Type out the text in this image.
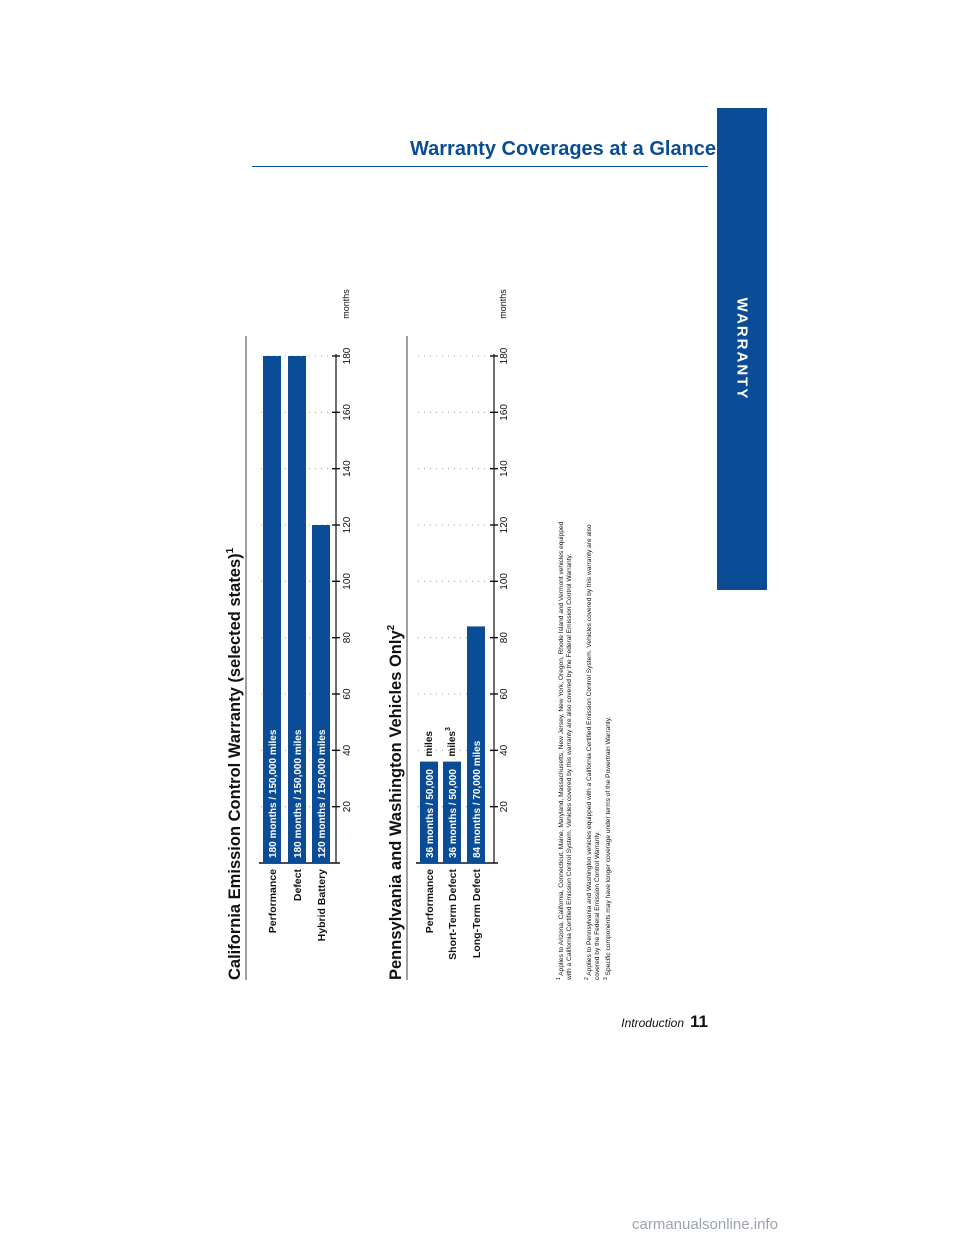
WARRANTY
Warranty Coverages at a Glance
California Emission Control Warranty (selected states)$^1$
20
40
60
80
100
120
140
160
180
months
Performance
180 months / 150,000 miles
Defect
180 months / 150,000 miles
Hybrid Battery
120 months / 150,000 miles	Pennsylvania and Washington Vehicles Only$^2$
20
40
60
80
100
120
140
160
180
months
Performance
36 months / 50,000
miles
Short-Term Defect
36 months / 50,000
miles$^3$
Long-Term Defect
84 months / 70,000 miles
$^1$ Applies to Arizona, California, Connecticut, Maine, Maryland, Massachusetts, New Jersey, New York, Oregon, Rhode Island and Vermont vehicles equipped with a California Certified Emission Control System. Vehicles covered by this warranty are also covered by the Federal Emission Control Warranty. $^2$ Applies to Pennsylvania and Washington vehicles equipped with a California Certified Emission Control System. Vehicles covered by this warranty are also covered by the Federal Emission Control Warranty. $^3$ Specific components may have longer coverage under terms of the Powertrain Warranty.
Introduction 11
carmanualsonline.info
